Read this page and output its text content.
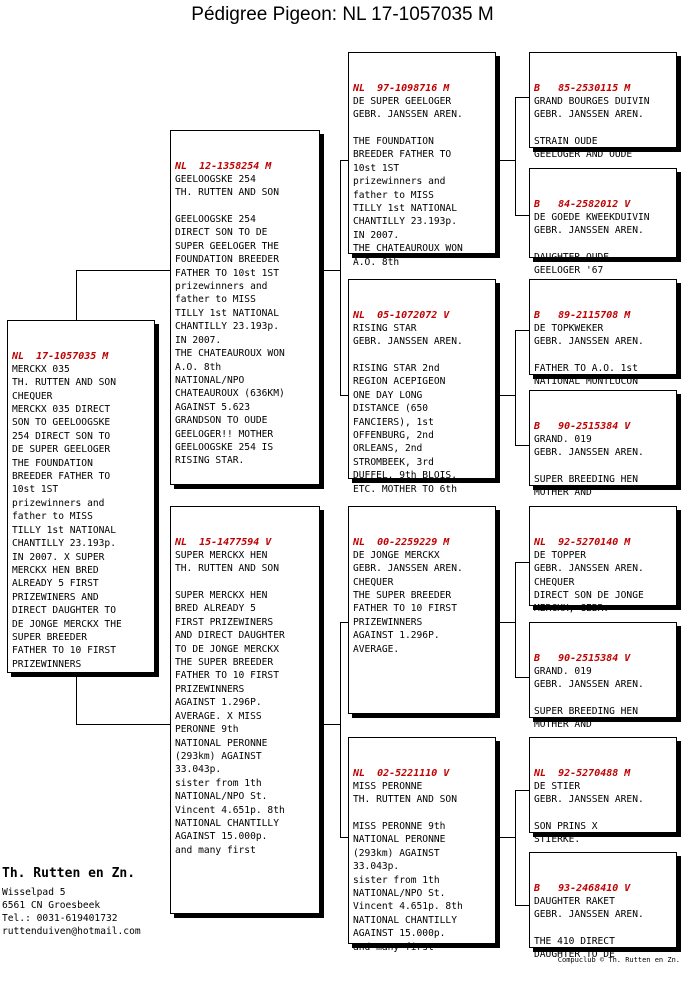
Pédigree Pigeon: NL 17-1057035 M

NL  17-1057035 M
MERCKX 035
TH. RUTTEN AND SON
CHEQUER
MERCKX 035 DIRECT
SON TO GEELOOGSKE
254 DIRECT SON TO
DE SUPER GEELOGER
THE FOUNDATION
BREEDER FATHER TO
10st 1ST
prizewinners and
father to MISS
TILLY 1st NATIONAL
CHANTILLY 23.193p.
IN 2007. X SUPER
MERCKX HEN BRED
ALREADY 5 FIRST
PRIZEWINERS AND
DIRECT DAUGHTER TO
DE JONGE MERCKX THE
SUPER BREEDER
FATHER TO 10 FIRST
PRIZEWINNERS

NL  12-1358254 M
GEELOOGSKE 254
TH. RUTTEN AND SON

GEELOOGSKE 254
DIRECT SON TO DE
SUPER GEELOGER THE
FOUNDATION BREEDER
FATHER TO 10st 1ST
prizewinners and
father to MISS
TILLY 1st NATIONAL
CHANTILLY 23.193p.
IN 2007.
THE CHATEAUROUX WON
A.O. 8th
NATIONAL/NPO
CHATEAUROUX (636KM)
AGAINST 5.623
GRANDSON TO OUDE
GEELOGER!! MOTHER
GEELOOGSKE 254 IS
RISING STAR.

NL  15-1477594 V
SUPER MERCKX HEN
TH. RUTTEN AND SON

SUPER MERCKX HEN
BRED ALREADY 5
FIRST PRIZEWINERS
AND DIRECT DAUGHTER
TO DE JONGE MERCKX
THE SUPER BREEDER
FATHER TO 10 FIRST
PRIZEWINNERS
AGAINST 1.296P.
AVERAGE. X MISS
PERONNE 9th
NATIONAL PERONNE
(293km) AGAINST
33.043p.
sister from 1th
NATIONAL/NPO St.
Vincent 4.651p. 8th
NATIONAL CHANTILLY
AGAINST 15.000p.
and many first

NL  97-1098716 M
DE SUPER GEELOGER
GEBR. JANSSEN AREN.

THE FOUNDATION
BREEDER FATHER TO
10st 1ST
prizewinners and
father to MISS
TILLY 1st NATIONAL
CHANTILLY 23.193p.
IN 2007.
THE CHATEAUROUX WON
A.O. 8th

NL  05-1072072 V
RISING STAR
GEBR. JANSSEN AREN.

RISING STAR 2nd
REGION ACEPIGEON
ONE DAY LONG
DISTANCE (650
FANCIERS), 1st
OFFENBURG, 2nd
ORLEANS, 2nd
STROMBEEK, 3rd
DUFFEL, 9th BLOIS.
ETC. MOTHER TO 6th

NL  00-2259229 M
DE JONGE MERCKX
GEBR. JANSSEN AREN.
CHEQUER
THE SUPER BREEDER
FATHER TO 10 FIRST
PRIZEWINNERS
AGAINST 1.296P.
AVERAGE.

NL  02-5221110 V
MISS PERONNE
TH. RUTTEN AND SON

MISS PERONNE 9th
NATIONAL PERONNE
(293km) AGAINST
33.043p.
sister from 1th
NATIONAL/NPO St.
Vincent 4.651p. 8th
NATIONAL CHANTILLY
AGAINST 15.000p.
and many first

B   85-2530115 M
GRAND BOURGES DUIVIN
GEBR. JANSSEN AREN.

STRAIN OUDE
GEELOGER AND OUDE

B   84-2582012 V
DE GOEDE KWEEKDUIVIN
GEBR. JANSSEN AREN.

DAUGHTER OUDE
GEELOGER '67

B   89-2115708 M
DE TOPKWEKER
GEBR. JANSSEN AREN.

FATHER TO A.O. 1st
NATIONAL MONTLUCON

B   90-2515384 V
GRAND. 019
GEBR. JANSSEN AREN.

SUPER BREEDING HEN
MOTHER AND

NL  92-5270140 M
DE TOPPER
GEBR. JANSSEN AREN.
CHEQUER
DIRECT SON DE JONGE
MERCKX, GEBR.

B   90-2515384 V
GRAND. 019
GEBR. JANSSEN AREN.

SUPER BREEDING HEN
MOTHER AND

NL  92-5270488 M
DE STIER
GEBR. JANSSEN AREN.

SON PRINS X
STIERKE.

B   93-2468410 V
DAUGHTER RAKET
GEBR. JANSSEN AREN.

THE 410 DIRECT
DAUGHTER TO DE

Th. Rutten en Zn.
Wisselpad 5
6561 CN Groesbeek
Tel.: 0031-619401732
ruttenduiven@hotmail.com
Compuclub © Th. Rutten en Zn.
